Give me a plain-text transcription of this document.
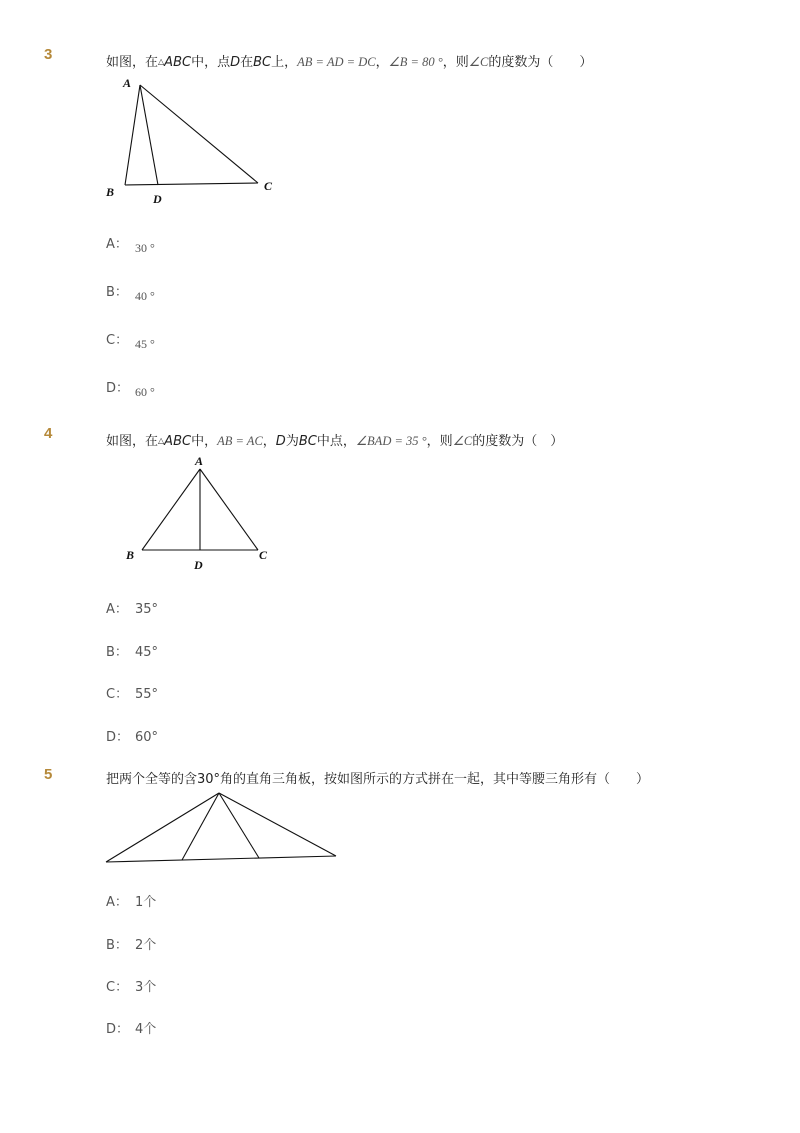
3	如图，在△ABC中，点D在BC上，AB = AD = DC，∠B = 80 °，则∠C的度数为（　　）
A
B	D
C
A： 30 °
B： 40 °
C： 45 °
D： 60 °
4	如图，在△ABC中，AB = AC，D为BC中点，∠BAD = 35 °，则∠C的度数为（　）
A
B
D
C
A： 35°
B： 45°
C： 55°
D： 60°
5	把两个全等的含30°角的直角三角板，按如图所示的方式拼在一起，其中等腰三角形有（　　）
A： 1个
B： 2个
C： 3个
D： 4个
